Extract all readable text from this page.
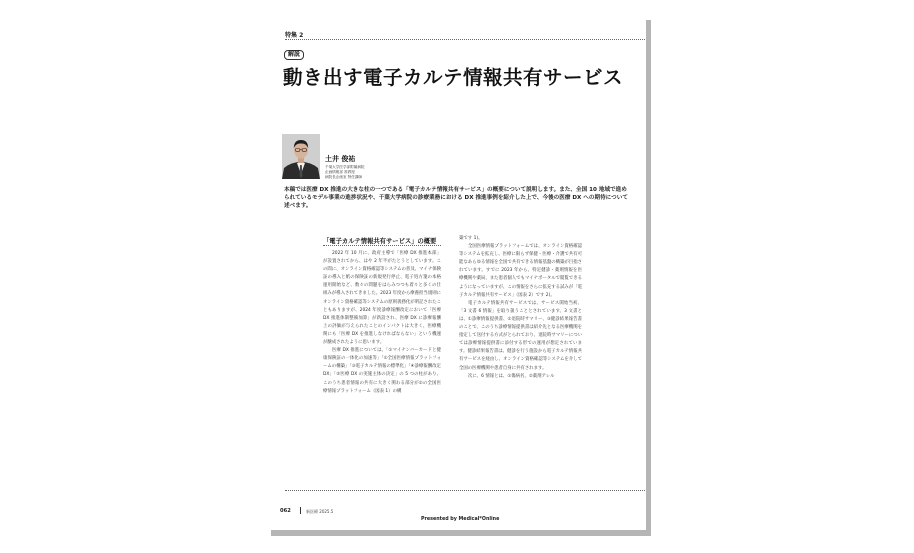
特集 2
解説
動き出す電子カルテ情報共有サービス
土井 俊祐
千葉大学医学部附属病院
企画情報部 准教授
病院長企画室 特任講師
本稿では医療 DX 推進の大きな柱の一つである「電子カルテ情報共有サービス」の概要について説明します。また、全国 10 地域で進められているモデル事業の進捗状況や、千葉大学病院の診療業務における DX 推進事例を紹介した上で、今後の医療 DX への期待について述べます。
「電子カルテ情報共有サービス」の概要

2022 年 10 月に、政府主導で「医療 DX 推進本部」が設置されてから、はや 2 年半がたとうとしています。この間に、オンライン資格確認等システムの普及、マイナ保険証の導入と紙の保険証の新規発行停止、電子処方箋の本格運用開始など、数々の問題をはらみつつも着々と多くの仕組みが導入されてきました。2023 年度から療養担当規則にオンライン資格確認等システムの原則義務化が明記されたこともありますが、2024 年度診療報酬改定において「医療 DX 推進体制整備加算」が新設され、医療 DX に診療報酬上の評価が与えられたことのインパクトは大きく、医療機関にも「医療 DX を推進しなければならない」という機運が醸成されたように思います。

医療 DX 推進については、「①マイナンバーカードと健康保険証の一体化の加速等」「②全国医療情報プラットフォームの構築」「③電子カルテ情報の標準化」「④診療報酬改定 DX」「⑤医療 DX の実施主体の決定」の 5 つの柱があり、このうち患者情報の共有に大きく関わる部分が②の全国医療情報プラットフォーム（図表 1）の構

築です 1)。

全国医療情報プラットフォームでは、オンライン資格確認等システムを拡充し、医療に限らず保健・医療・介護で共有可能なあらゆる情報を全国で共有できる情報基盤の構築が目指されています。すでに 2023 年から、特定健診・薬剤情報を医療機関や薬局、また患者個人でもマイナポータルで閲覧できるようになっていますが、この情報をさらに拡充する試みが「電子カルテ情報共有サービス」（図表 2）です 2)。

電子カルテ情報共有サービスでは、サービス開始当初、「3 文書 6 情報」を取り扱うこととされています。3 文書とは、①診療情報提供書、②退院時サマリー、③健診結果報告書のことで、このうち診療情報提供書は紹介先となる医療機関を指定して送付する方式がとられており、退院時サマリーについては診療情報提供書に添付する形での運用が想定されています。健診結果報告書は、健診を行う施設から電子カルテ情報共有サービスを経由し、オンライン資格確認等システムを介して全国の医療機関や患者自身に共有されます。

次に、6 情報とは、①傷病名、②薬剤アレル

062	新医療 2025.5
Presented by Medical*Online
